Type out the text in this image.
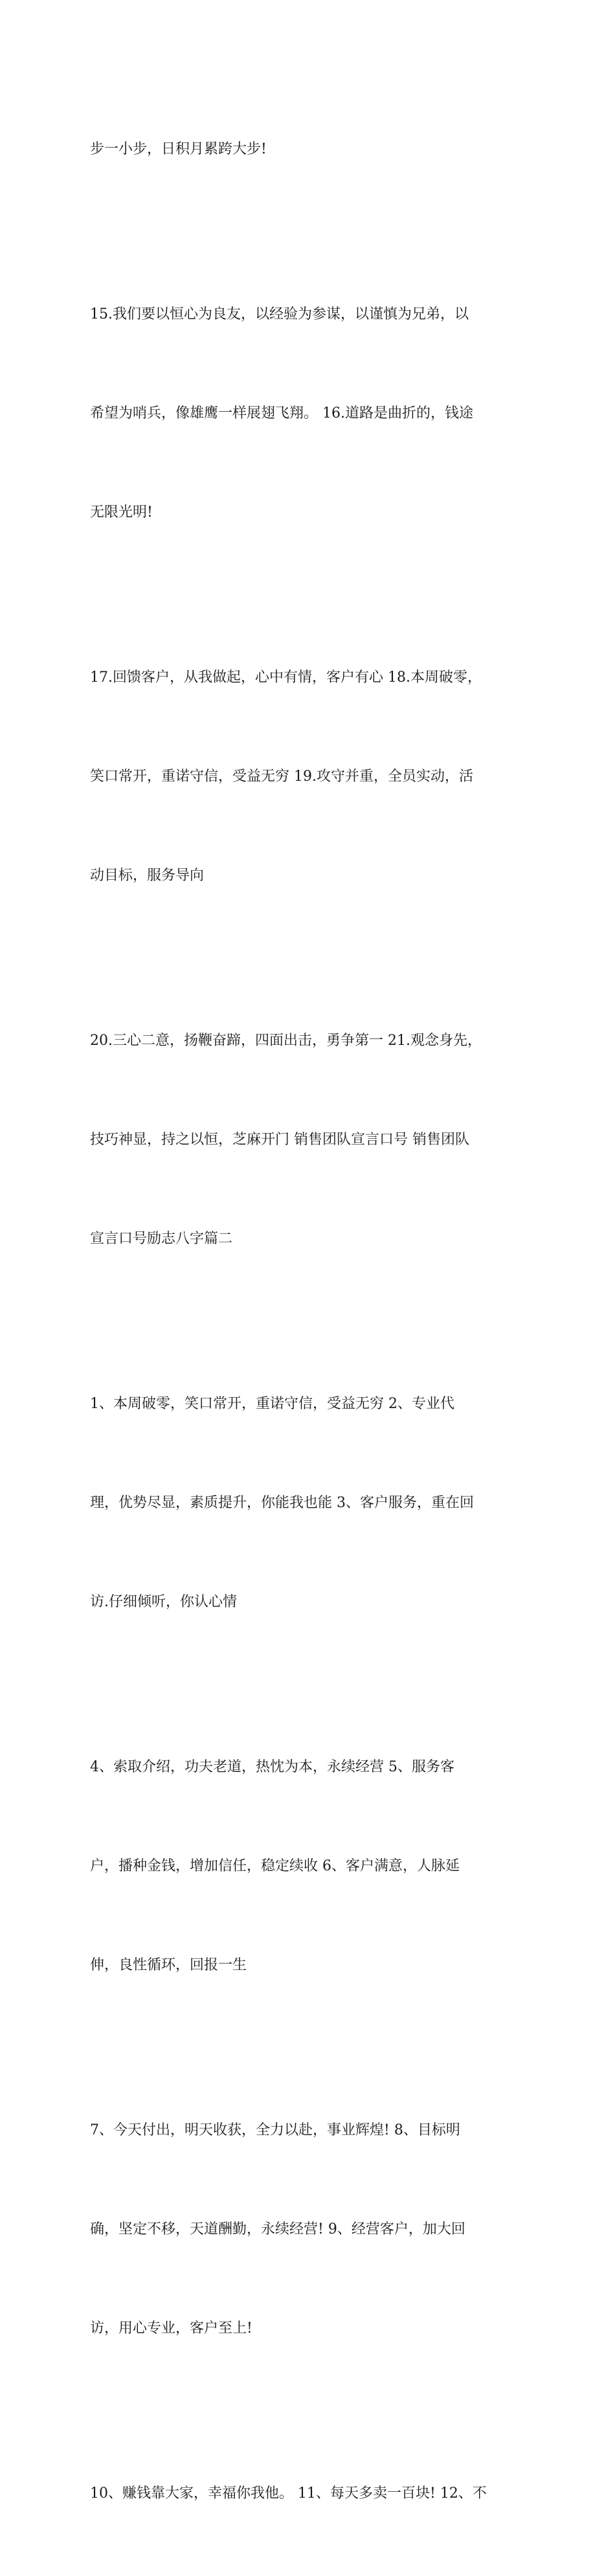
步一小步，日积月累跨大步!

15.我们要以恒心为良友，以经验为参谋，以谨慎为兄弟，以

希望为哨兵，像雄鹰一样展翅飞翔。 16.道路是曲折的，钱途

无限光明!

17.回馈客户，从我做起，心中有情，客户有心 18.本周破零，

笑口常开，重诺守信，受益无穷 19.攻守并重，全员实动，活

动目标，服务导向

20.三心二意，扬鞭奋蹄，四面出击，勇争第一 21.观念身先，

技巧神显，持之以恒，芝麻开门 销售团队宣言口号 销售团队

宣言口号励志八字篇二

1、本周破零，笑口常开，重诺守信，受益无穷 2、专业代

理，优势尽显，素质提升，你能我也能 3、客户服务，重在回

访.仔细倾听，你认心情

4、索取介绍，功夫老道，热忱为本，永续经营 5、服务客

户，播种金钱，增加信任，稳定续收 6、客户满意，人脉延

伸，良性循环，回报一生

7、今天付出，明天收获，全力以赴，事业辉煌! 8、目标明

确，坚定不移，天道酬勤，永续经营! 9、经营客户，加大回

访，用心专业，客户至上!

10、赚钱靠大家，幸福你我他。 11、每天多卖一百块! 12、不
